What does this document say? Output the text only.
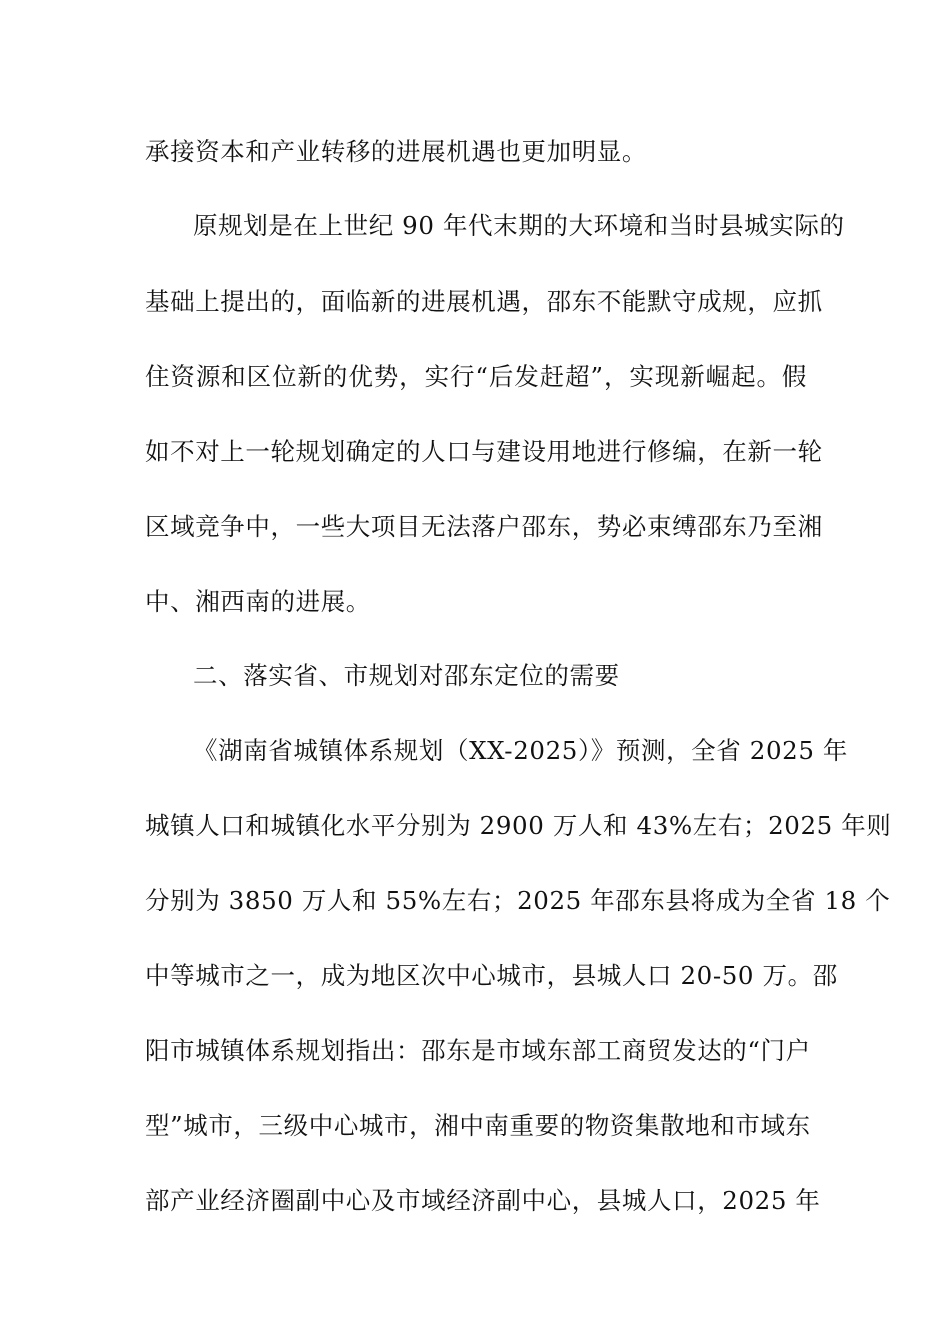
承接资本和产业转移的进展机遇也更加明显。
原规划是在上世纪 90 年代末期的大环境和当时县城实际的
基础上提出的，面临新的进展机遇，邵东不能默守成规，应抓
住资源和区位新的优势，实行“后发赶超”，实现新崛起。假
如不对上一轮规划确定的人口与建设用地进行修编，在新一轮
区域竞争中，一些大项目无法落户邵东，势必束缚邵东乃至湘
中、湘西南的进展。
二、落实省、市规划对邵东定位的需要
《湖南省城镇体系规划（XX-2025）》预测，全省 2025 年
城镇人口和城镇化水平分别为 2900 万人和 43%左右；2025 年则
分别为 3850 万人和 55%左右；2025 年邵东县将成为全省 18 个
中等城市之一，成为地区次中心城市，县城人口 20-50 万。邵
阳市城镇体系规划指出：邵东是市域东部工商贸发达的“门户
型”城市，三级中心城市，湘中南重要的物资集散地和市域东
部产业经济圈副中心及市域经济副中心，县城人口，2025 年
